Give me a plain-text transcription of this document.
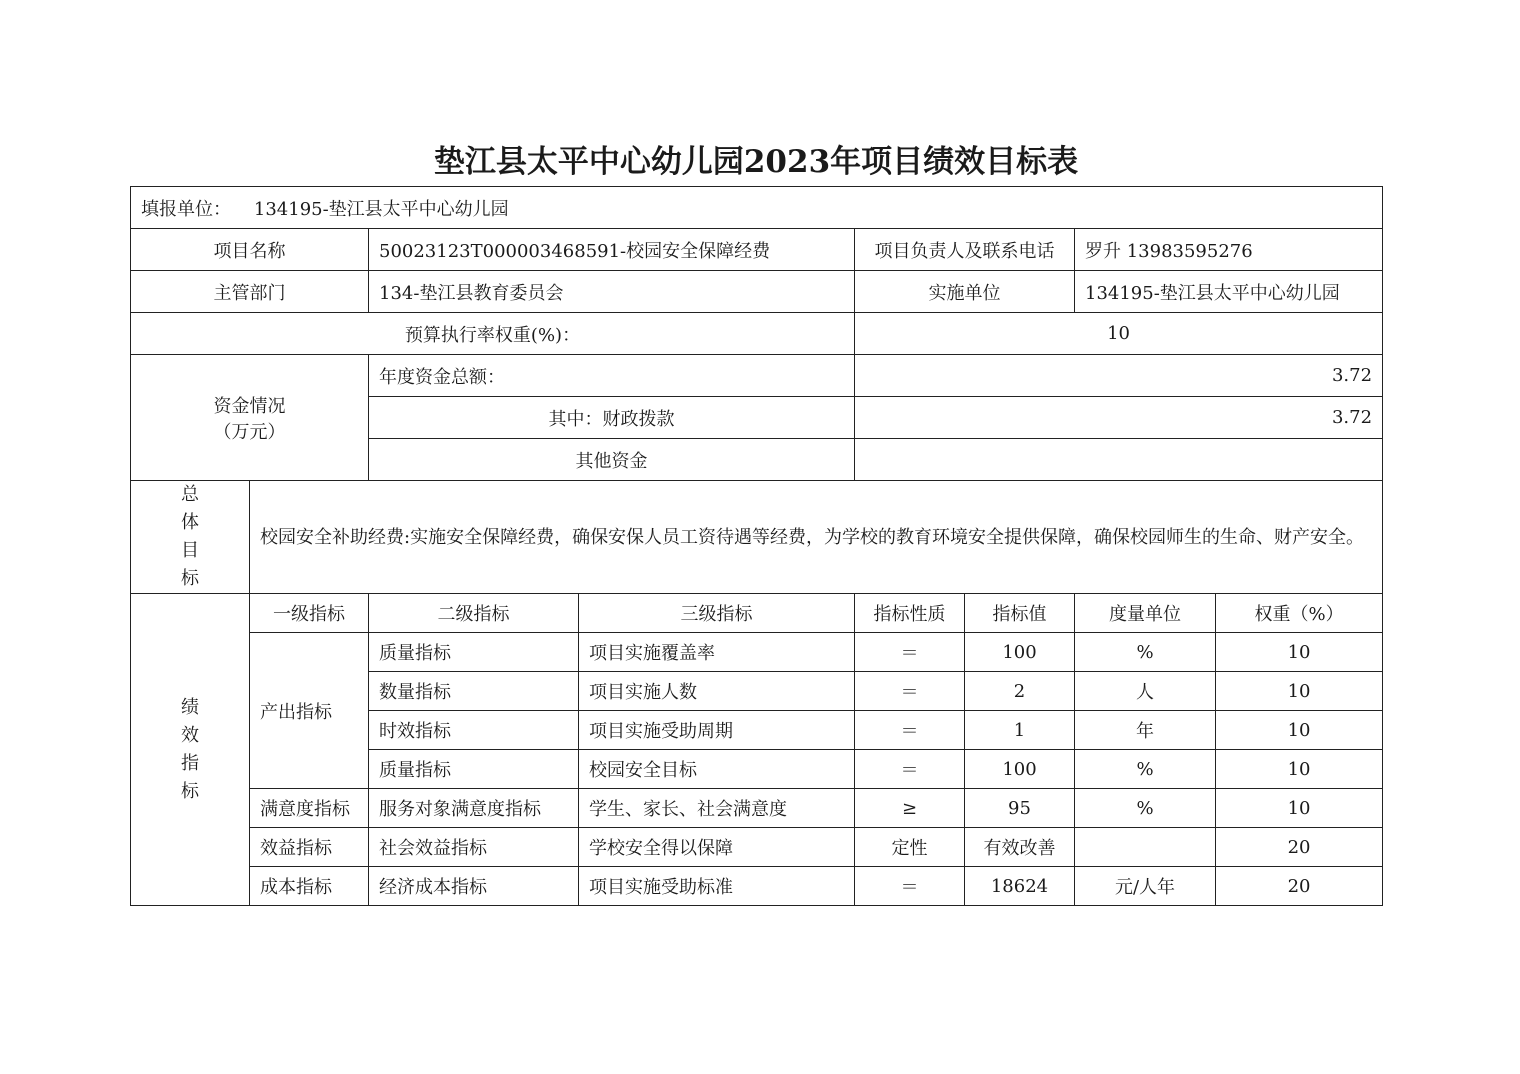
垫江县太平中心幼儿园2023年项目绩效目标表
填报单位： 134195-垫江县太平中心幼儿园							
项目名称		50023123T000003468591-校园安全保障经费		项目负责人及联系电话		罗升 13983595276	
主管部门		134-垫江县教育委员会		实施单位		134195-垫江县太平中心幼儿园	
预算执行率权重(%)：				10			

资金情况
（万元）		年度资金总额：		3.72			
		其中：财政拨款		3.72			
		其他资金					

总
体
目
标	校园安全补助经费:实施安全保障经费，确保安保人员工资待遇等经费，为学校的教育环境安全提供保障，确保校园师生的生命、财产安全。						

绩
效
指
标	一级指标	二级指标	三级指标	指标性质	指标值	度量单位	权重（%）
	产出指标	质量指标	项目实施覆盖率	＝	100	%	10
		数量指标	项目实施人数	＝	2	人	10
		时效指标	项目实施受助周期	＝	1	年	10
		质量指标	校园安全目标	＝	100	%	10
	满意度指标	服务对象满意度指标	学生、家长、社会满意度	≥	95	%	10
	效益指标	社会效益指标	学校安全得以保障	定性	有效改善		20
	成本指标	经济成本指标	项目实施受助标准	＝	18624	元/人年	20
